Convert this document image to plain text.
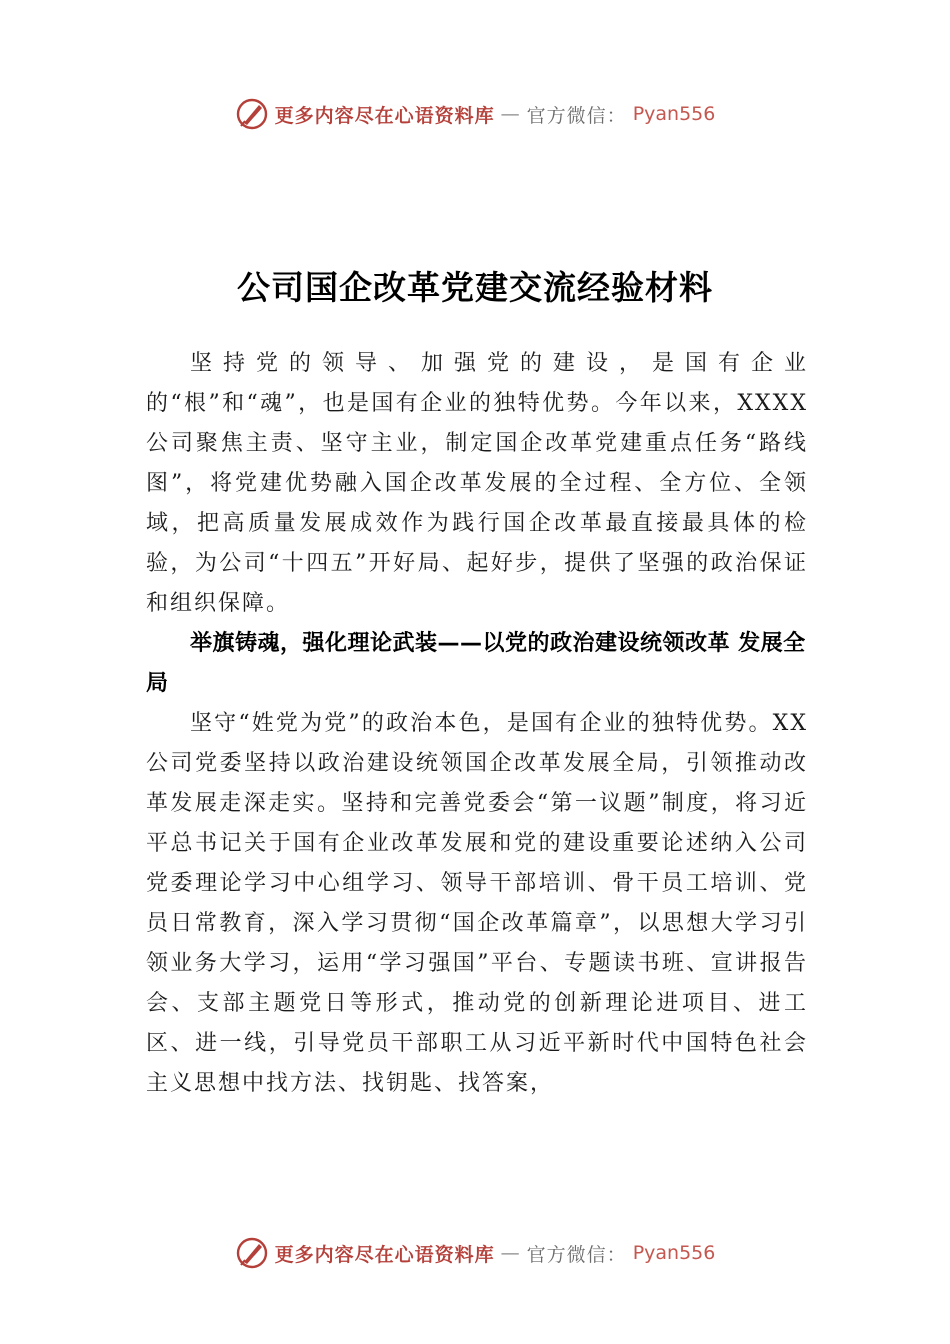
更多内容尽在心语资料库 — 官方微信： Pyan556
公司国企改革党建交流经验材料

坚持党的领导、加强党的建设，是国有企业的“根”和“魂”，也是国有企业的独特优势。今年以来，XXXX 公司聚焦主责、坚守主业，制定国企改革党建重点任务“路线图”，将党建优势融入国企改革发展的全过程、全方位、全领域，把高质量发展成效作为践行国企改革最直接最具体的检验，为公司“十四五”开好局、起好步，提供了坚强的政治保证和组织保障。

举旗铸魂，强化理论武装——以党的政治建设统领改革 发展全局

坚守“姓党为党”的政治本色，是国有企业的独特优势。XX 公司党委坚持以政治建设统领国企改革发展全局，引领推动改革发展走深走实。坚持和完善党委会“第一议题”制度，将习近平总书记关于国有企业改革发展和党的建设重要论述纳入公司党委理论学习中心组学习、领导干部培训、骨干员工培训、党员日常教育，深入学习贯彻“国企改革篇章”，以思想大学习引领业务大学习，运用“学习强国”平台、专题读书班、宣讲报告会、支部主题党日等形式，推动党的创新理论进项目、进工区、进一线，引导党员干部职工从习近平新时代中国特色社会主义思想中找方法、找钥匙、找答案，

更多内容尽在心语资料库 — 官方微信： Pyan556
